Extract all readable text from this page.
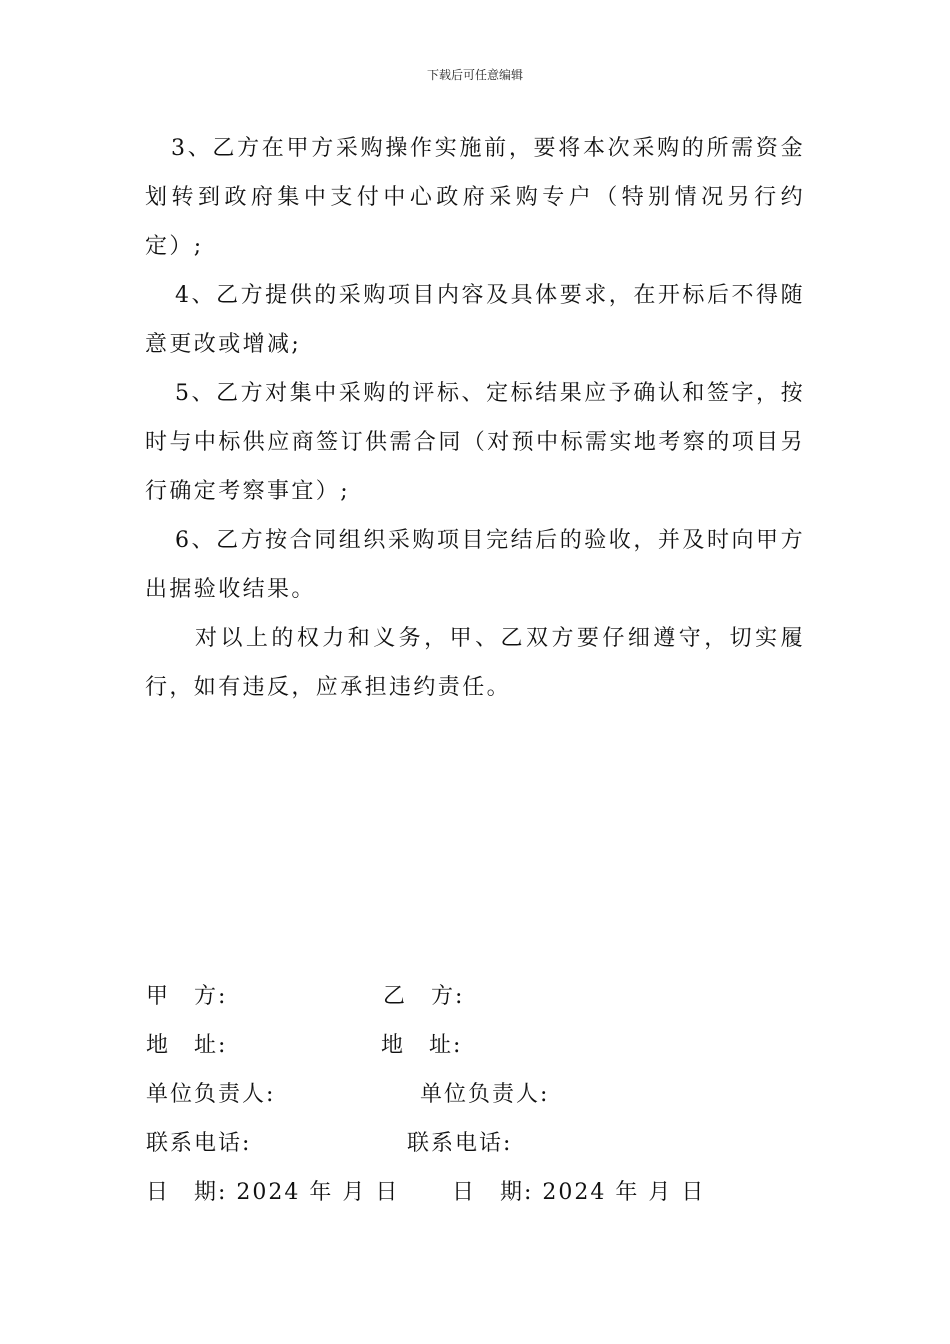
下载后可任意编辑

3、乙方在甲方采购操作实施前，要将本次采购的所需资金划转到政府集中支付中心政府采购专户（特别情况另行约定）;

4、乙方提供的采购项目内容及具体要求，在开标后不得随意更改或增减;

5、乙方对集中采购的评标、定标结果应予确认和签字，按时与中标供应商签订供需合同（对预中标需实地考察的项目另行确定考察事宜）;

6、乙方按合同组织采购项目完结后的验收，并及时向甲方出据验收结果。

对以上的权力和义务，甲、乙双方要仔细遵守，切实履行，如有违反，应承担违约责任。

甲　方:	乙　方:
地　址:	地　址:
单位负责人:	单位负责人:
联系电话:	联系电话:
日　期: 2024 年 月 日 日　期: 2024 年 月 日
